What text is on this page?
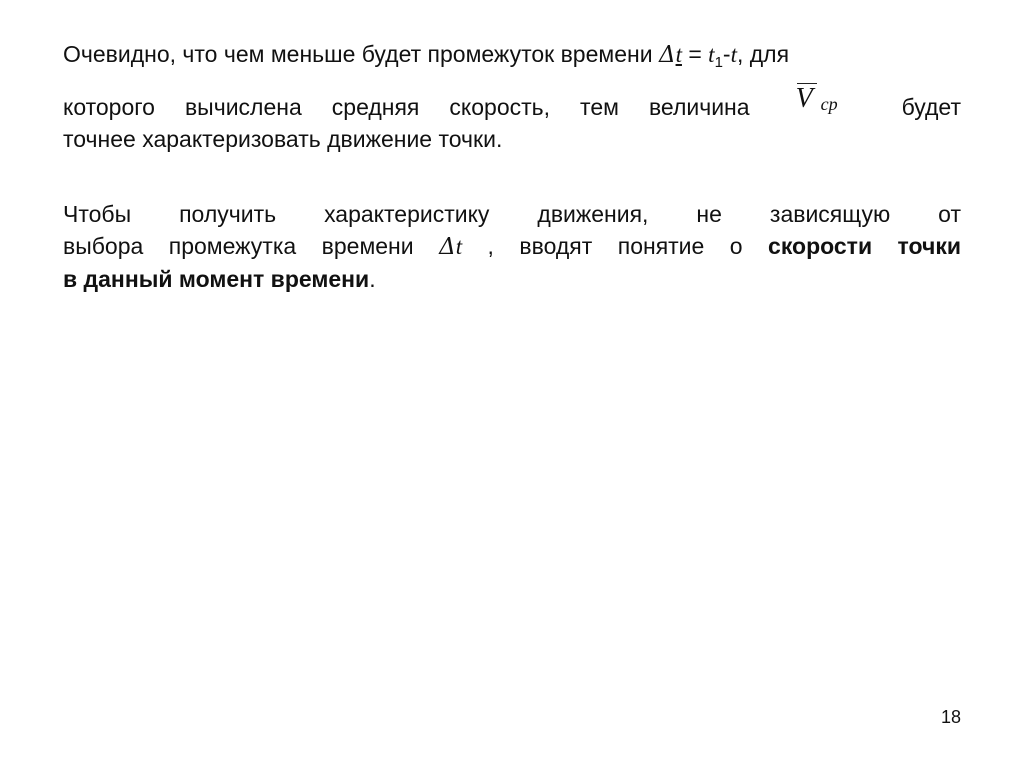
Очевидно, что чем меньше будет промежуток времени $\Delta t = t_1-t$, для
которого вычислена средняя скорость, тем величина V cp	будет
точнее характеризовать движение точки.
Чтобы получить характеристику движения, не зависящую от
выбора промежутка времени Δt , вводят понятие о скорости точки
в данный момент времени.
18
